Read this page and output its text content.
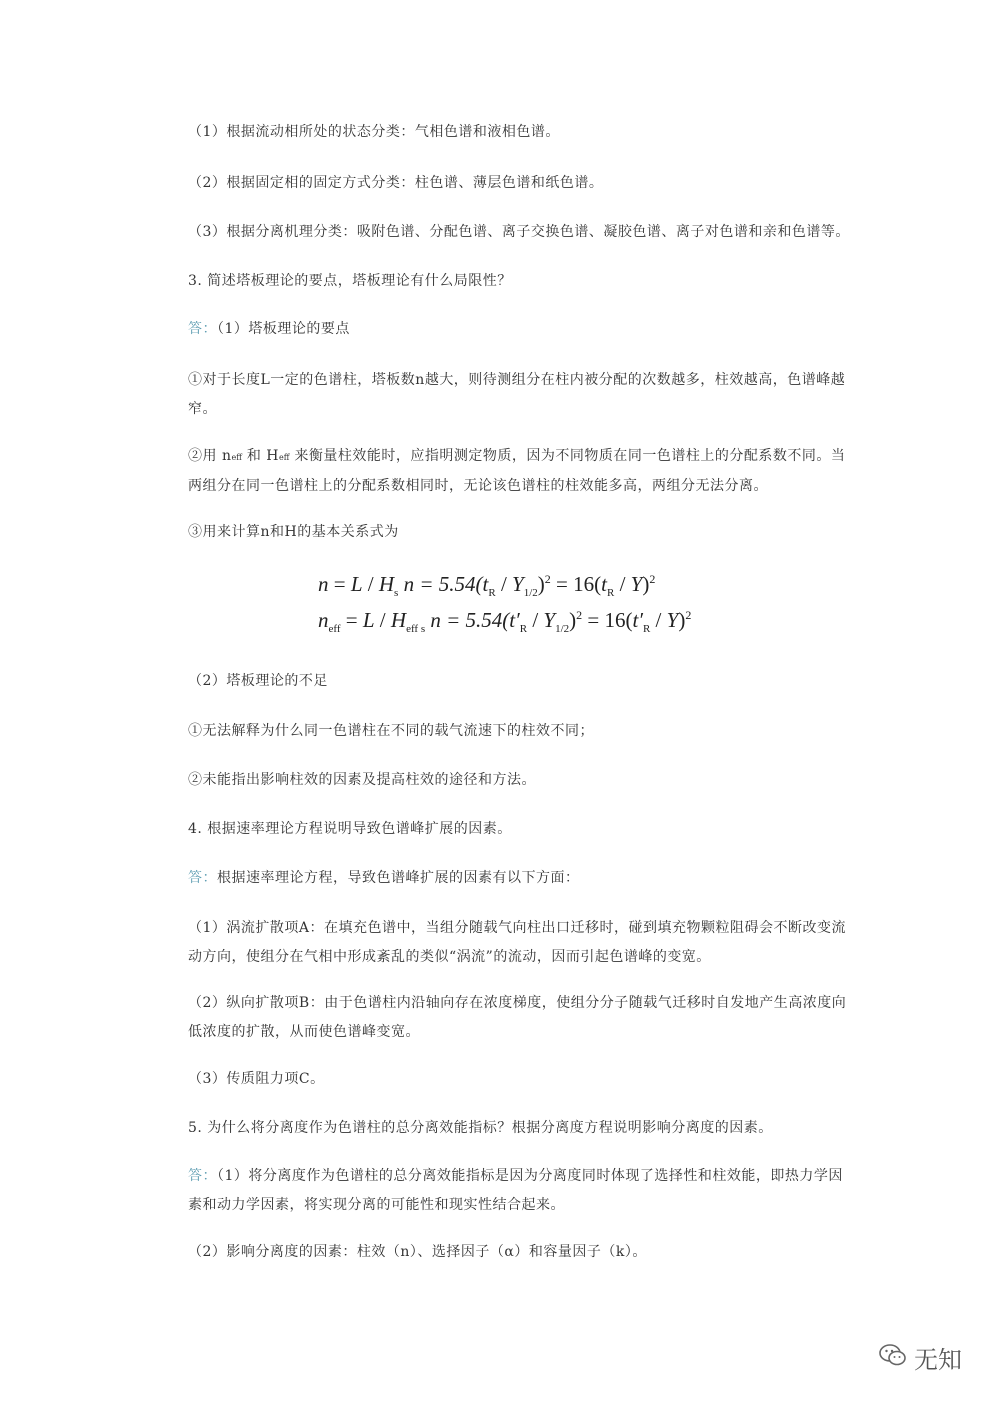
（1）根据流动相所处的状态分类：气相色谱和液相色谱。

（2）根据固定相的固定方式分类：柱色谱、薄层色谱和纸色谱。

（3）根据分离机理分类：吸附色谱、分配色谱、离子交换色谱、凝胶色谱、离子对色谱和亲和色谱等。

3. 简述塔板理论的要点，塔板理论有什么局限性？

答：（1）塔板理论的要点

①对于长度L一定的色谱柱，塔板数n越大，则待测组分在柱内被分配的次数越多，柱效越高，色谱峰越窄。

②用 neff 和 Heff 来衡量柱效能时，应指明测定物质，因为不同物质在同一色谱柱上的分配系数不同。当两组分在同一色谱柱上的分配系数相同时，无论该色谱柱的柱效能多高，两组分无法分离。

③用来计算n和H的基本关系式为

$n = L / H_s$ $n = 5.54(t_R / Y_{1/2})^2 = 16(t_R / Y)^2$
$n_{eff} = L / H_{eff s}$ $n = 5.54(t'_R / Y_{1/2})^2 = 16(t'_R / Y)^2$

（2）塔板理论的不足

①无法解释为什么同一色谱柱在不同的载气流速下的柱效不同；

②未能指出影响柱效的因素及提高柱效的途径和方法。

4. 根据速率理论方程说明导致色谱峰扩展的因素。

答：根据速率理论方程，导致色谱峰扩展的因素有以下方面：

（1）涡流扩散项A：在填充色谱中，当组分随载气向柱出口迁移时，碰到填充物颗粒阻碍会不断改变流动方向，使组分在气相中形成紊乱的类似“涡流”的流动，因而引起色谱峰的变宽。

（2）纵向扩散项B：由于色谱柱内沿轴向存在浓度梯度，使组分分子随载气迁移时自发地产生高浓度向低浓度的扩散，从而使色谱峰变宽。

（3）传质阻力项C。

5. 为什么将分离度作为色谱柱的总分离效能指标？根据分离度方程说明影响分离度的因素。

答：（1）将分离度作为色谱柱的总分离效能指标是因为分离度同时体现了选择性和柱效能，即热力学因素和动力学因素，将实现分离的可能性和现实性结合起来。

（2）影响分离度的因素：柱效（n）、选择因子（α）和容量因子（k）。

无知
